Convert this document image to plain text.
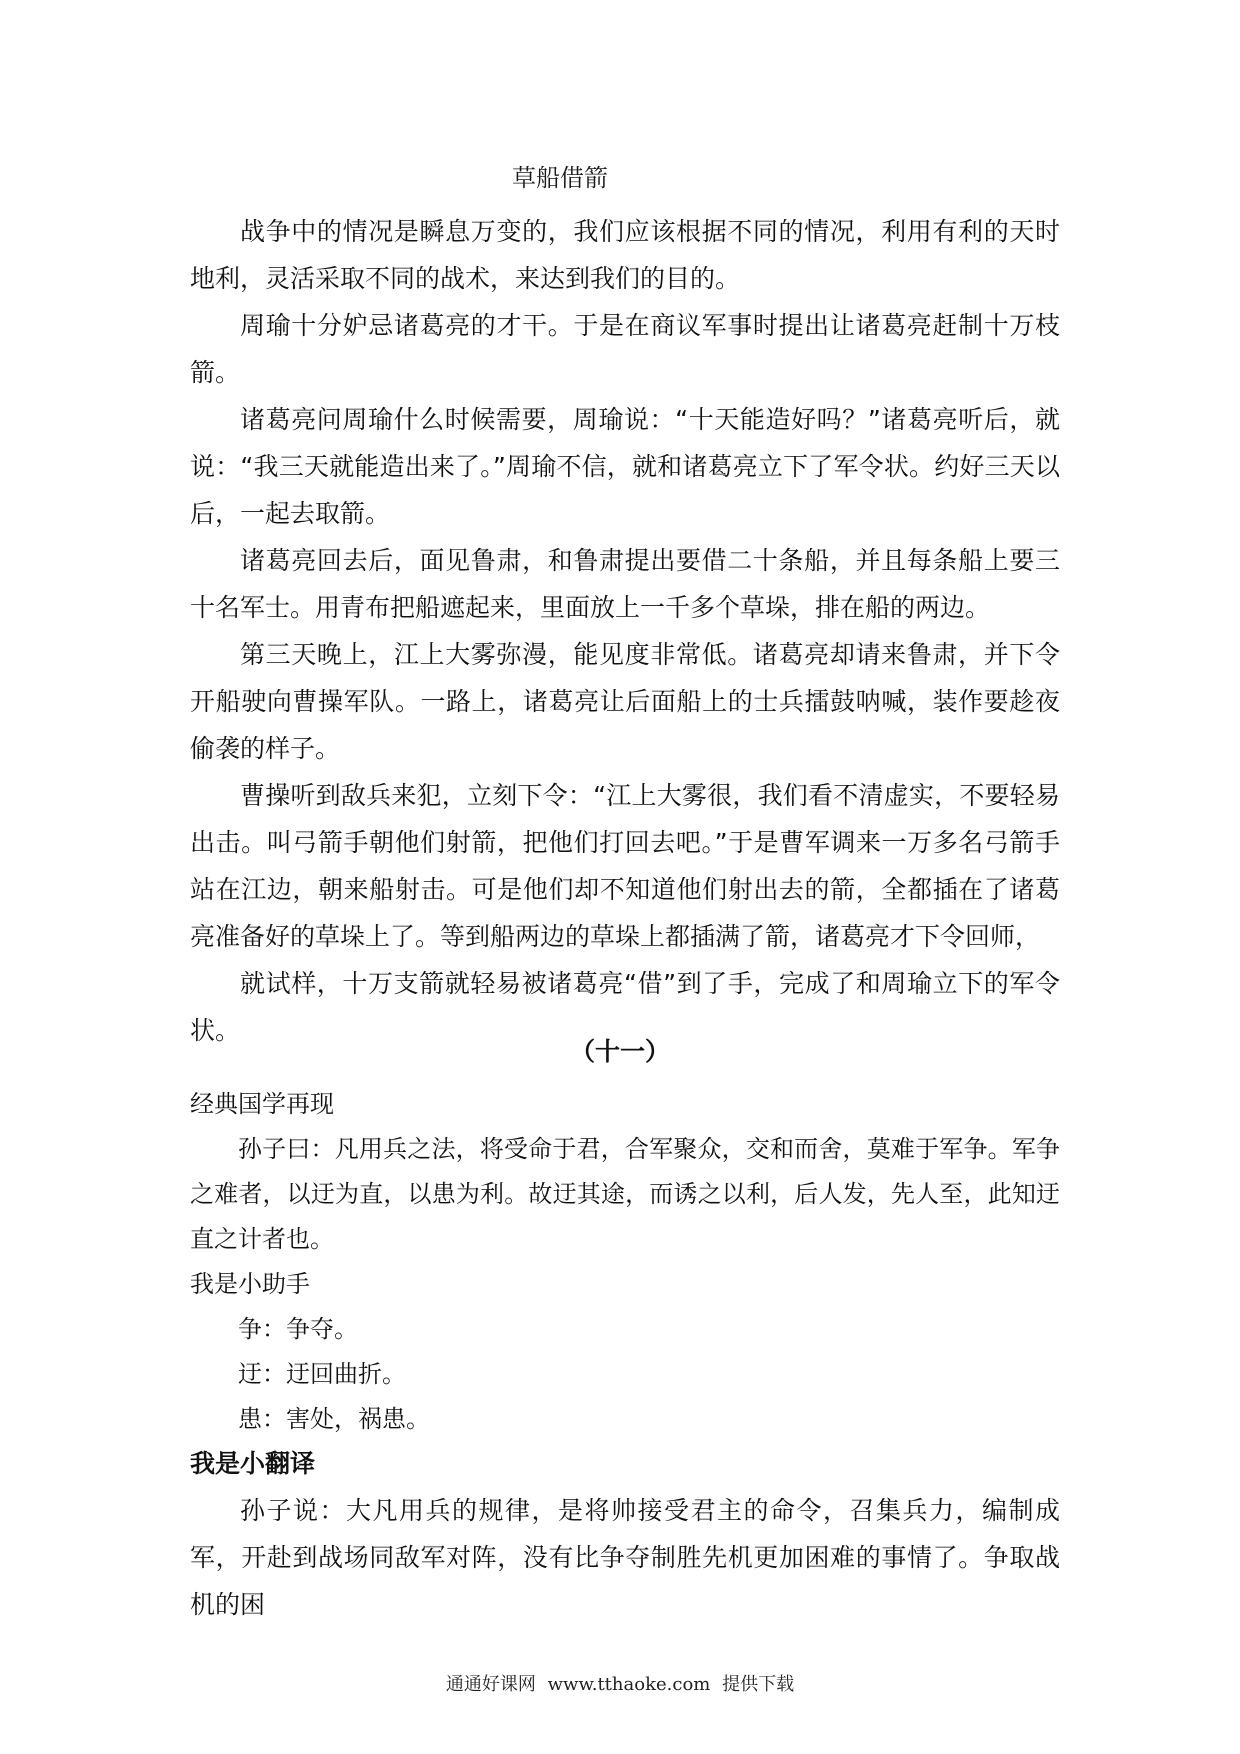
草船借箭

战争中的情况是瞬息万变的，我们应该根据不同的情况，利用有利的天时地利，灵活采取不同的战术，来达到我们的目的。

周瑜十分妒忌诸葛亮的才干。于是在商议军事时提出让诸葛亮赶制十万枝箭。

诸葛亮问周瑜什么时候需要，周瑜说：“十天能造好吗？”诸葛亮听后，就说：“我三天就能造出来了。”周瑜不信，就和诸葛亮立下了军令状。约好三天以后，一起去取箭。

诸葛亮回去后，面见鲁肃，和鲁肃提出要借二十条船，并且每条船上要三十名军士。用青布把船遮起来，里面放上一千多个草垛，排在船的两边。

第三天晚上，江上大雾弥漫，能见度非常低。诸葛亮却请来鲁肃，并下令开船驶向曹操军队。一路上，诸葛亮让后面船上的士兵擂鼓呐喊，装作要趁夜偷袭的样子。

曹操听到敌兵来犯，立刻下令：“江上大雾很，我们看不清虚实，不要轻易出击。叫弓箭手朝他们射箭，把他们打回去吧。”于是曹军调来一万多名弓箭手站在江边，朝来船射击。可是他们却不知道他们射出去的箭，全都插在了诸葛亮准备好的草垛上了。等到船两边的草垛上都插满了箭，诸葛亮才下令回师，

就试样，十万支箭就轻易被诸葛亮“借”到了手，完成了和周瑜立下的军令状。

（十一）

经典国学再现

孙子曰：凡用兵之法，将受命于君，合军聚众，交和而舍，莫难于军争。军争之难者，以迂为直，以患为利。故迂其途，而诱之以利，后人发，先人至，此知迂直之计者也。

我是小助手

争：争夺。

迂：迂回曲折。

患：害处，祸患。

我是小翻译

孙子说：大凡用兵的规律，是将帅接受君主的命令，召集兵力，编制成军，开赴到战场同敌军对阵，没有比争夺制胜先机更加困难的事情了。争取战机的困

通通好课网 www.tthaoke.com 提供下载
